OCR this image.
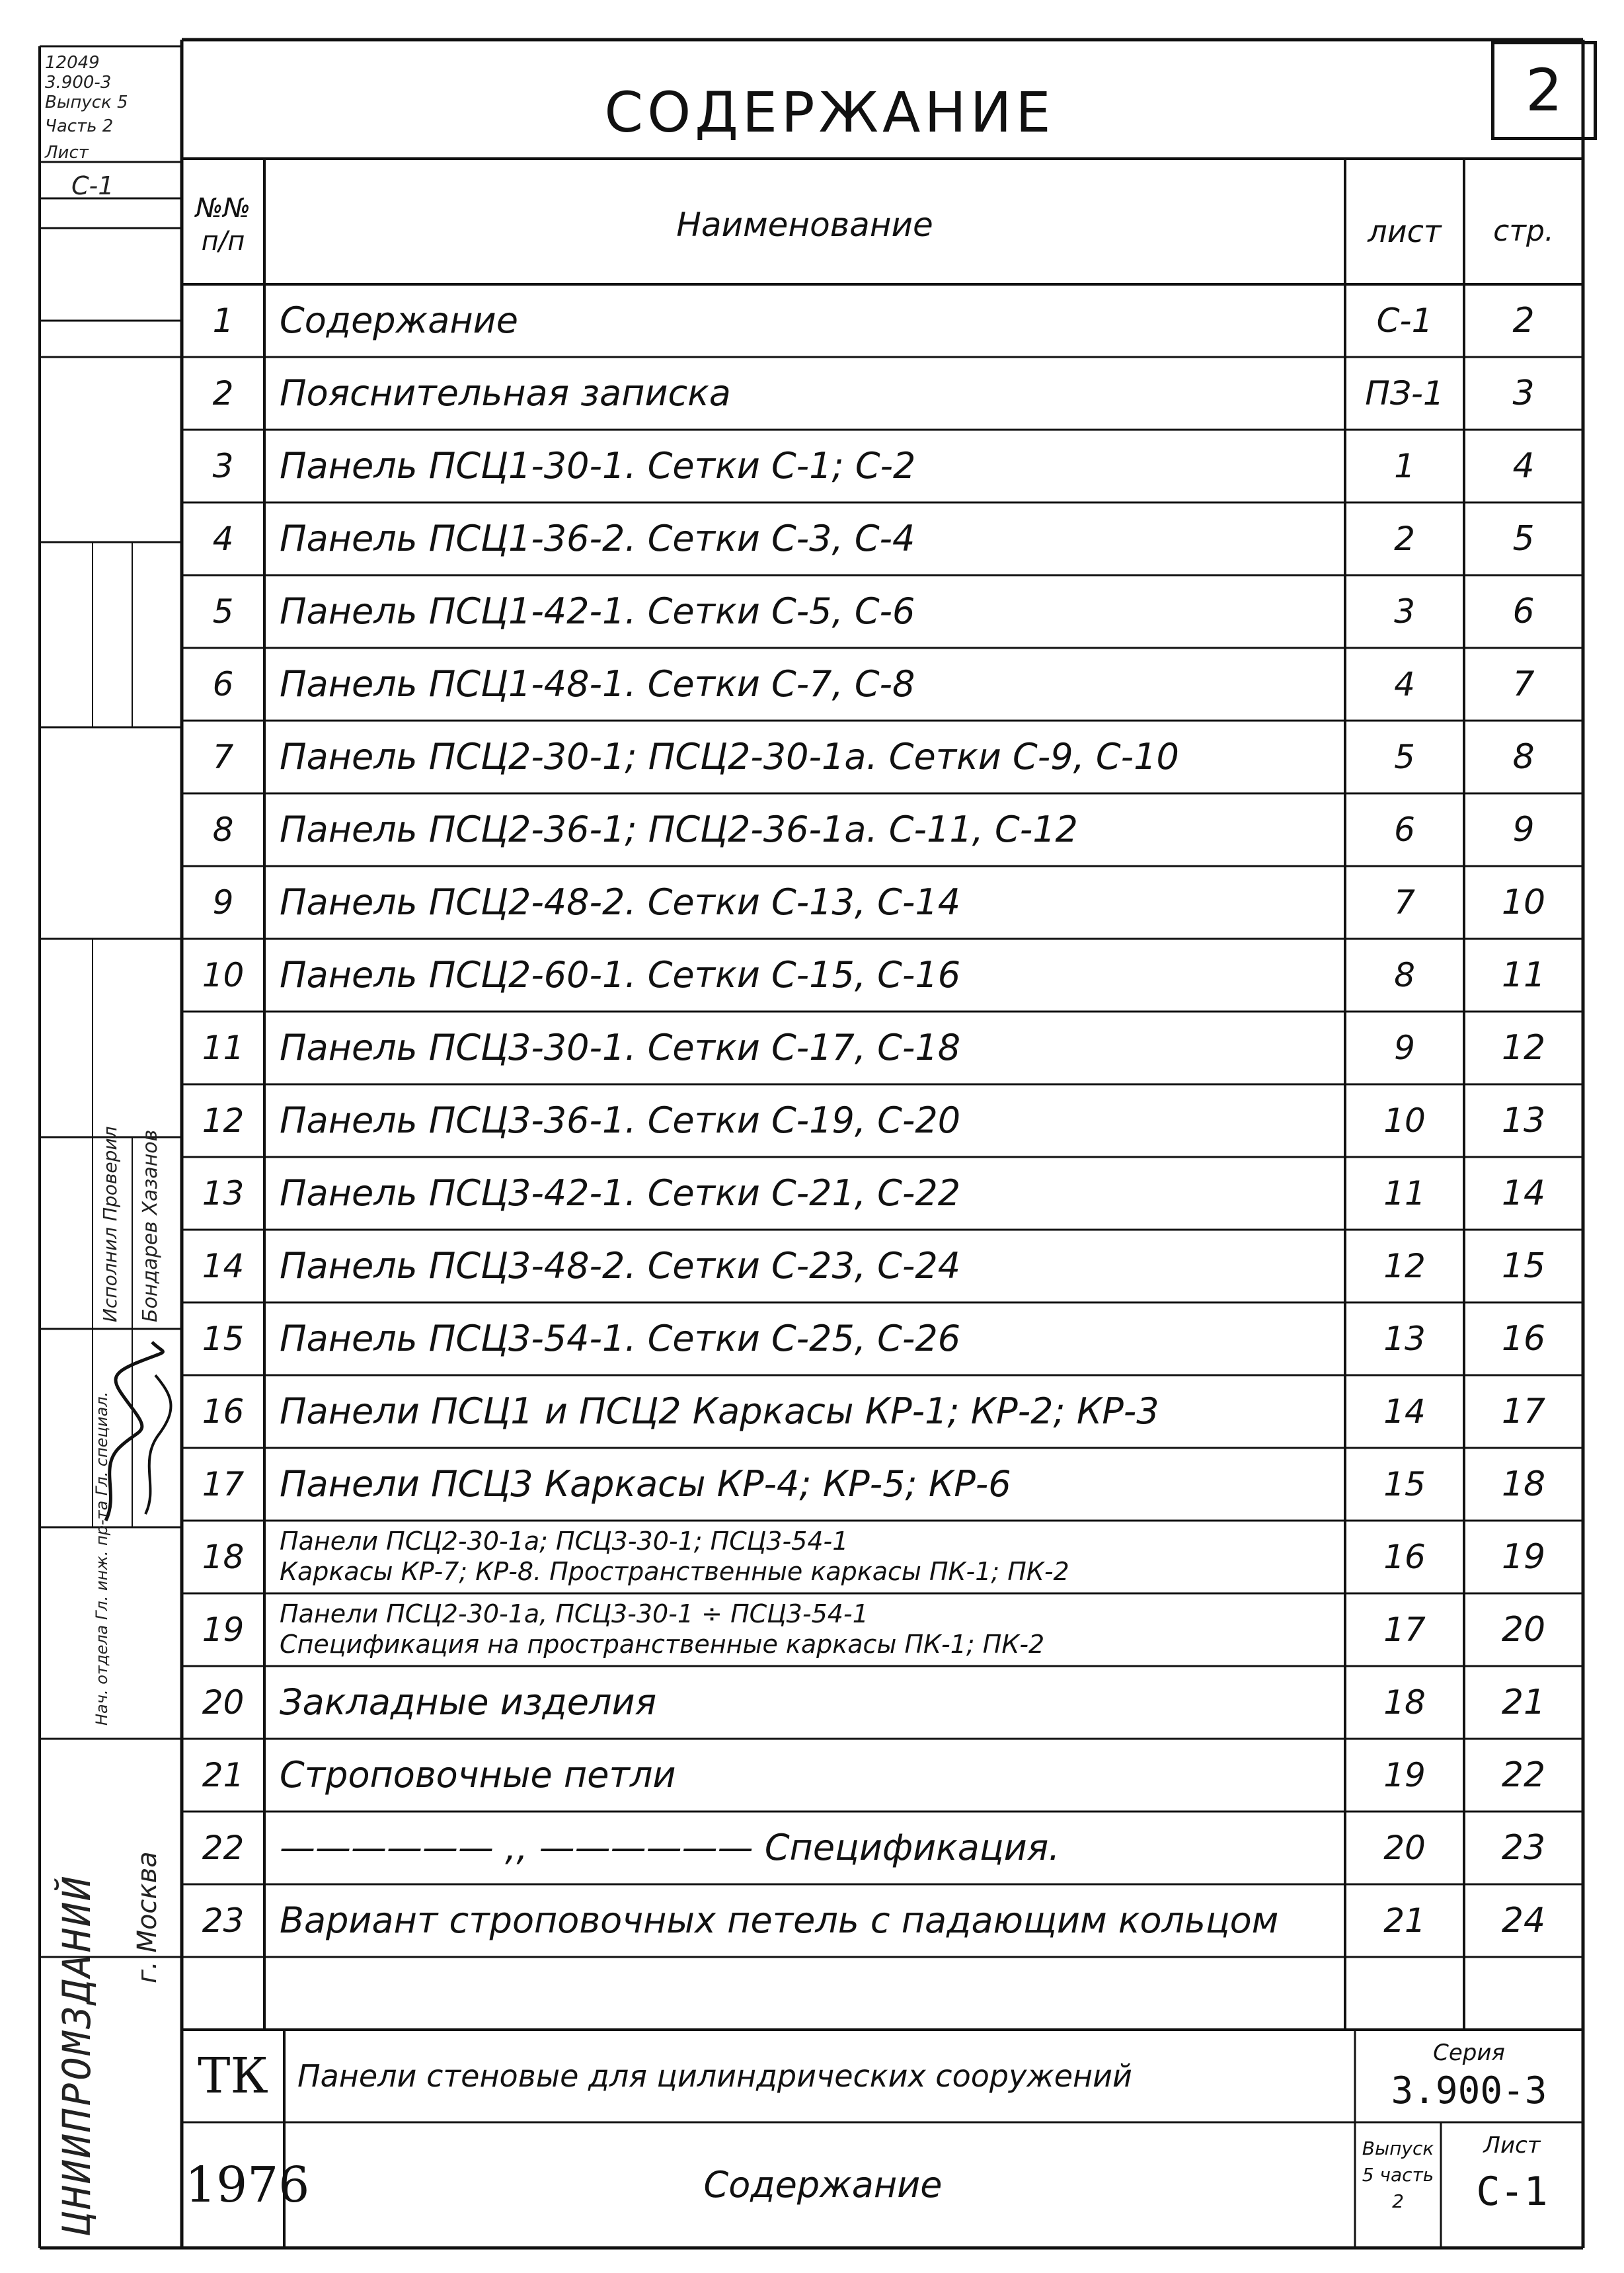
12049
3.900-3
Выпуск 5
Часть 2
Лист
С-1
СОДЕРЖАНИЕ	2
№№ п/п	Наименование	лист	стр.
1	Содержание	С-1	2
2	Пояснительная записка	ПЗ-1	3
3	Панель ПСЦ1-30-1. Сетки С-1; С-2	1	4
4	Панель ПСЦ1-36-2. Сетки С-3, С-4	2	5
5	Панель ПСЦ1-42-1. Сетки С-5, С-6	3	6
6	Панель ПСЦ1-48-1. Сетки С-7, С-8	4	7
7	Панель ПСЦ2-30-1; ПСЦ2-30-1а. Сетки С-9, С-10	5	8
8	Панель ПСЦ2-36-1; ПСЦ2-36-1а. С-11, С-12	6	9
9	Панель ПСЦ2-48-2. Сетки С-13, С-14	7	10
10 Панель ПСЦ2-60-1. Сетки С-15, С-16	8	11
11 Панель ПСЦ3-30-1. Сетки С-17, С-18	9	12
12 Панель ПСЦ3-36-1. Сетки С-19, С-20	10	13
13 Панель ПСЦ3-42-1. Сетки С-21, С-22	11	14
14 Панель ПСЦ3-48-2. Сетки С-23, С-24	12	15
15 Панель ПСЦ3-54-1. Сетки С-25, С-26	13	16
16 Панели ПСЦ1 и ПСЦ2 Каркасы КР-1; КР-2; КР-3	14	17
17 Панели ПСЦ3 Каркасы КР-4; КР-5; КР-6	15	18
18	Панели ПСЦ2-30-1а; ПСЦ3-30-1; ПСЦ3-54-1
Каркасы КР-7; КР-8. Пространственные каркасы ПК-1; ПК-2	16	19
19	Панели ПСЦ2-30-1а, ПСЦ3-30-1 ÷ ПСЦ3-54-1
Спецификация на пространственные каркасы ПК-1; ПК-2	17	20
20 Закладные изделия	18	21
21 Строповочные петли	19	22
22 —————— ,, —————— Спецификация.	20	23
23 Вариант строповочных петель с падающим кольцом	21	24
ЦНИИПРОМЗДАНИЙ г. Москва
Нач. отдела Гл. инж. пр-та Гл. специал.
Исполнил Проверил Бондарев Хазанов
ТК
1976
Панели стеновые для цилиндрических сооружений
Содержание
Серия
3.900-3
Выпуск 5 часть 2
Лист
С-1
